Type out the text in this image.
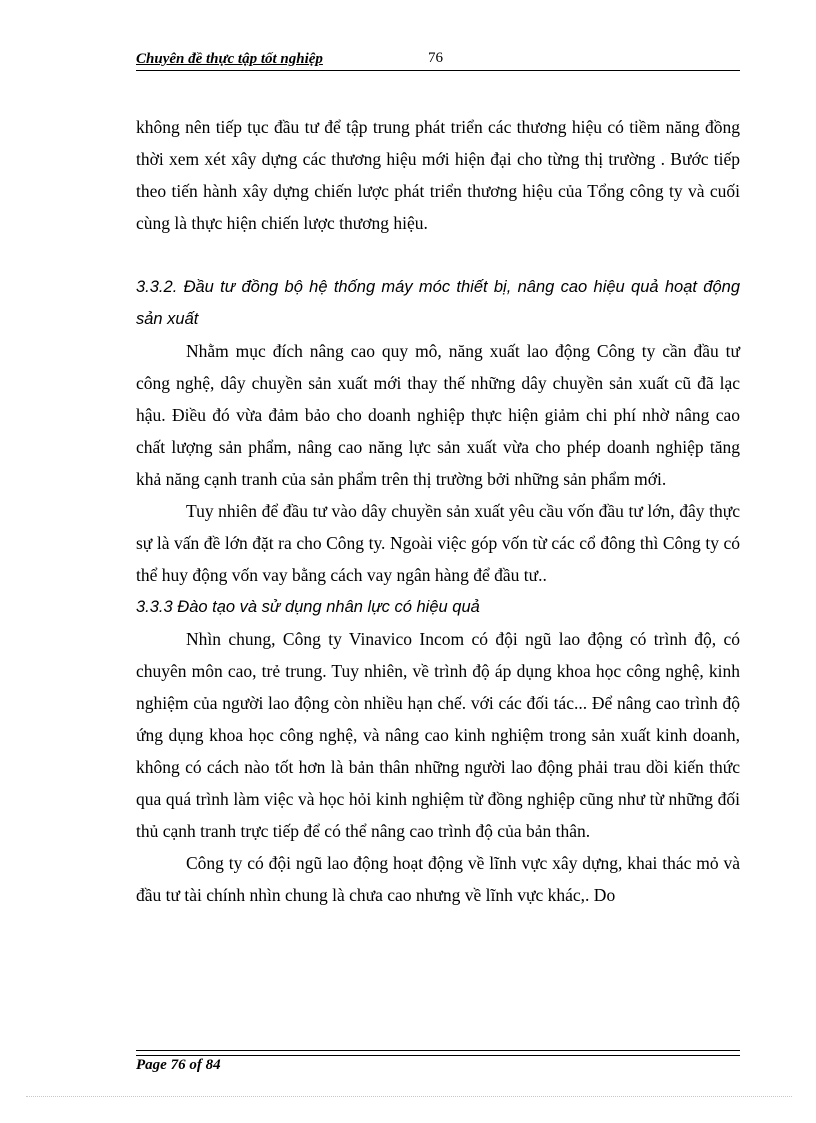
Chuyên đề thực tập tốt nghiệp	76

không nên tiếp tục đầu tư để tập trung phát triển các thương hiệu có tiềm năng đồng thời xem xét xây dựng các thương hiệu mới hiện đại cho từng thị trường . Bước tiếp theo tiến hành xây dựng chiến lược phát triển thương hiệu của Tổng công ty và cuối cùng là thực hiện chiến lược thương hiệu.

3.3.2. Đầu tư đồng bộ hệ thống máy móc thiết bị, nâng cao hiệu quả hoạt động sản xuất

Nhằm mục đích nâng cao quy mô, năng xuất lao động Công ty cần đầu tư công nghệ, dây chuyền sản xuất mới thay thế những dây chuyền sản xuất cũ đã lạc hậu. Điều đó vừa đảm bảo cho doanh nghiệp thực hiện giảm chi phí nhờ nâng cao chất lượng sản phẩm, nâng cao năng lực sản xuất vừa cho phép doanh nghiệp tăng khả năng cạnh tranh của sản phẩm trên thị trường bởi những sản phẩm mới.

Tuy nhiên để đầu tư vào dây chuyền sản xuất yêu cầu vốn đầu tư lớn, đây thực sự là vấn đề lớn đặt ra cho Công ty. Ngoài việc góp vốn từ các cổ đông thì Công ty có thể huy động vốn vay bằng cách vay ngân hàng để đầu tư..

3.3.3 Đào tạo và sử dụng nhân lực có hiệu quả

Nhìn chung, Công ty Vinavico Incom có đội ngũ lao động có trình độ, có chuyên môn cao, trẻ trung. Tuy nhiên, về trình độ áp dụng khoa học công nghệ, kinh nghiệm của người lao động còn nhiều hạn chế. với các đối tác... Để nâng cao trình độ ứng dụng khoa học công nghệ, và nâng cao kinh nghiệm trong sản xuất kinh doanh, không có cách nào tốt hơn là bản thân những người lao động phải trau dồi kiến thức qua quá trình làm việc và học hỏi kinh nghiệm từ đồng nghiệp cũng như từ những đối thủ cạnh tranh trực tiếp để có thể nâng cao trình độ của bản thân.

Công ty có đội ngũ lao động hoạt động về lĩnh vực xây dựng, khai thác mỏ và đầu tư tài chính nhìn chung là chưa cao nhưng về lĩnh vực khác,. Do

Page 76 of 84
